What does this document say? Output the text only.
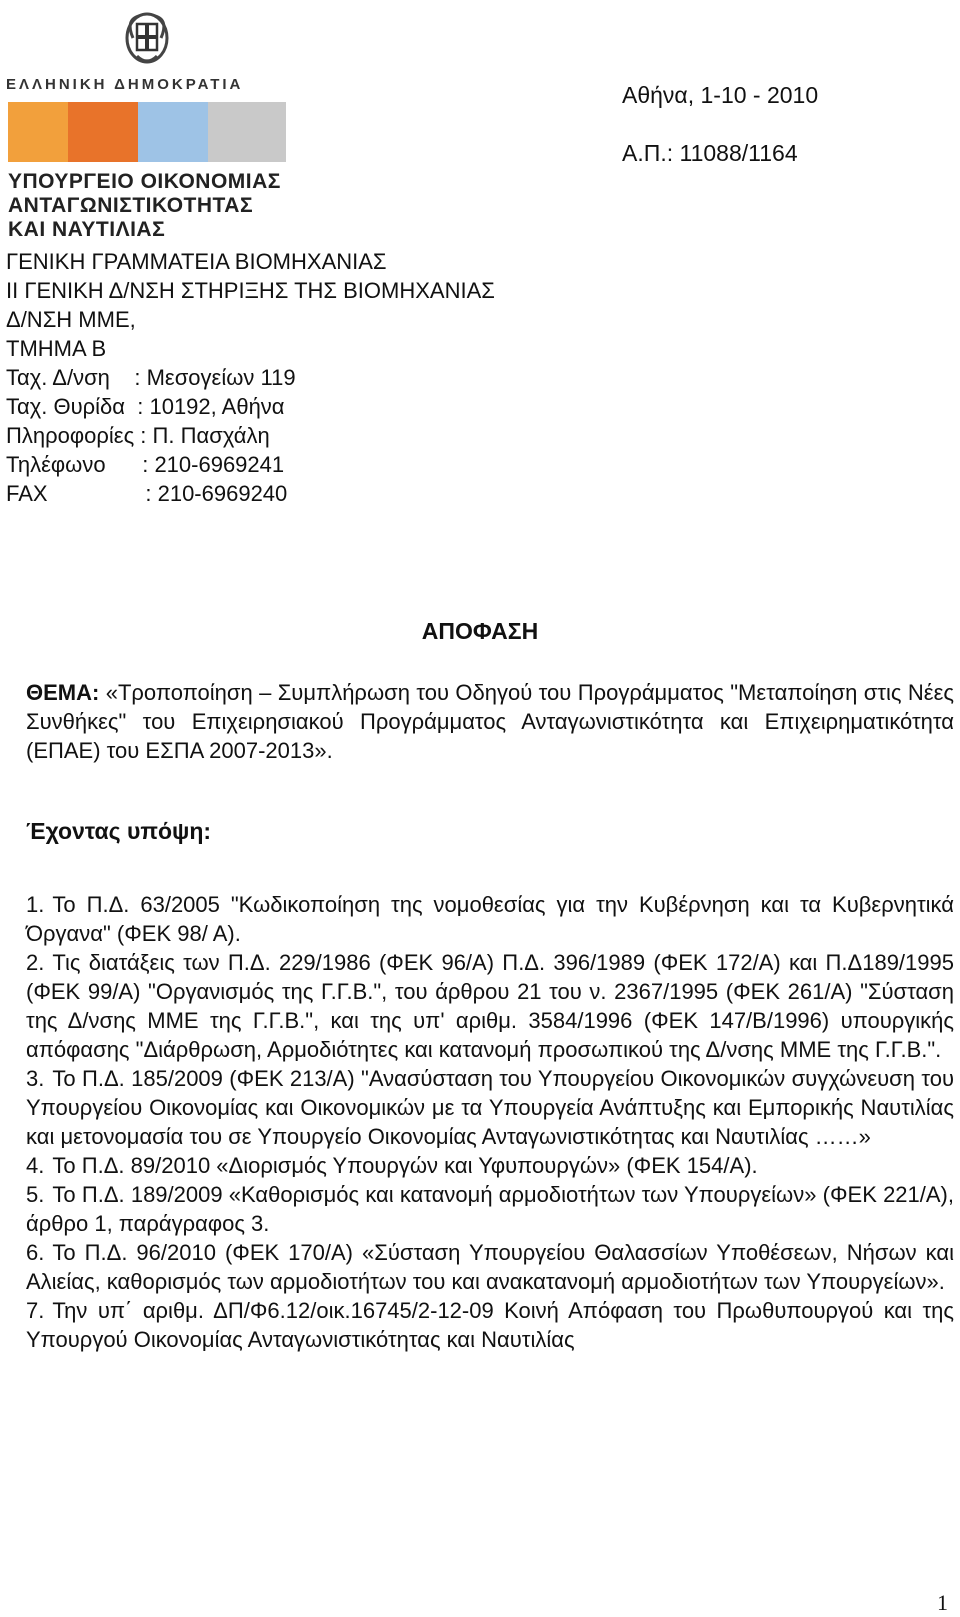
ΕΛΛΗΝΙΚΗ ΔΗΜΟΚΡΑΤΙΑ
ΥΠΟΥΡΓΕΙΟ ΟΙΚΟΝΟΜΙΑΣ
ΑΝΤΑΓΩΝΙΣΤΙΚΟΤΗΤΑΣ
ΚΑΙ ΝΑΥΤΙΛΙΑΣ
Αθήνα, 1-10 - 2010
Α.Π.: 11088/1164
ΓΕΝΙΚΗ ΓΡΑΜΜΑΤΕΙΑ ΒΙΟΜΗΧΑΝΙΑΣ
ΙΙ ΓΕΝΙΚΗ Δ/ΝΣΗ ΣΤΗΡΙΞΗΣ ΤΗΣ ΒΙΟΜΗΧΑΝΙΑΣ
Δ/ΝΣΗ ΜΜΕ,
ΤΜΗΜΑ Β
Ταχ. Δ/νση    : Μεσογείων 119
Ταχ. Θυρίδα  : 10192, Αθήνα
Πληροφορίες : Π. Πασχάλη
Τηλέφωνο      : 210-6969241
FAX                : 210-6969240
ΑΠΟΦΑΣΗ
ΘΕΜΑ: «Τροποποίηση – Συμπλήρωση του Οδηγού του Προγράμματος "Μεταποίηση στις Νέες Συνθήκες" του Επιχειρησιακού Προγράμματος Ανταγωνιστικότητα και Επιχειρηματικότητα (ΕΠΑΕ) του ΕΣΠΑ 2007-2013».
Έχοντας υπόψη:
1. Το Π.Δ. 63/2005 "Κωδικοποίηση της νομοθεσίας για την Κυβέρνηση και τα Κυβερνητικά Όργανα" (ΦΕΚ 98/ Α).
2. Τις διατάξεις των Π.Δ. 229/1986 (ΦΕΚ 96/Α) Π.Δ. 396/1989 (ΦΕΚ 172/Α) και Π.Δ189/1995 (ΦΕΚ 99/Α) "Οργανισμός της Γ.Γ.Β.", του άρθρου 21 του ν. 2367/1995 (ΦΕΚ 261/Α) "Σύσταση της Δ/νσης ΜΜΕ της Γ.Γ.Β.", και της υπ' αριθμ. 3584/1996 (ΦΕΚ 147/Β/1996) υπουργικής απόφασης "Διάρθρωση, Αρμοδιότητες και κατανομή προσωπικού της Δ/νσης ΜΜΕ της Γ.Γ.Β.".
3. Το Π.Δ. 185/2009 (ΦΕΚ 213/Α) "Ανασύσταση του Υπουργείου Οικονομικών συγχώνευση του Υπουργείου Οικονομίας και Οικονομικών με τα Υπουργεία Ανάπτυξης και Εμπορικής Ναυτιλίας και μετονομασία του σε Υπουργείο Οικονομίας Ανταγωνιστικότητας και Ναυτιλίας ……»
4. Το Π.Δ. 89/2010 «Διορισμός Υπουργών και Υφυπουργών» (ΦΕΚ 154/Α).
5. Το Π.Δ. 189/2009 «Καθορισμός και κατανομή αρμοδιοτήτων των Υπουργείων» (ΦΕΚ 221/Α), άρθρο 1, παράγραφος 3.
6. Το Π.Δ. 96/2010 (ΦΕΚ 170/Α) «Σύσταση Υπουργείου Θαλασσίων Υποθέσεων, Νήσων και Αλιείας, καθορισμός των αρμοδιοτήτων του και ανακατανομή αρμοδιοτήτων των Υπουργείων».
7. Την υπ΄ αριθμ. ΔΠ/Φ6.12/οικ.16745/2-12-09 Κοινή Απόφαση του Πρωθυπουργού και της Υπουργού Οικονομίας Ανταγωνιστικότητας και Ναυτιλίας
1
